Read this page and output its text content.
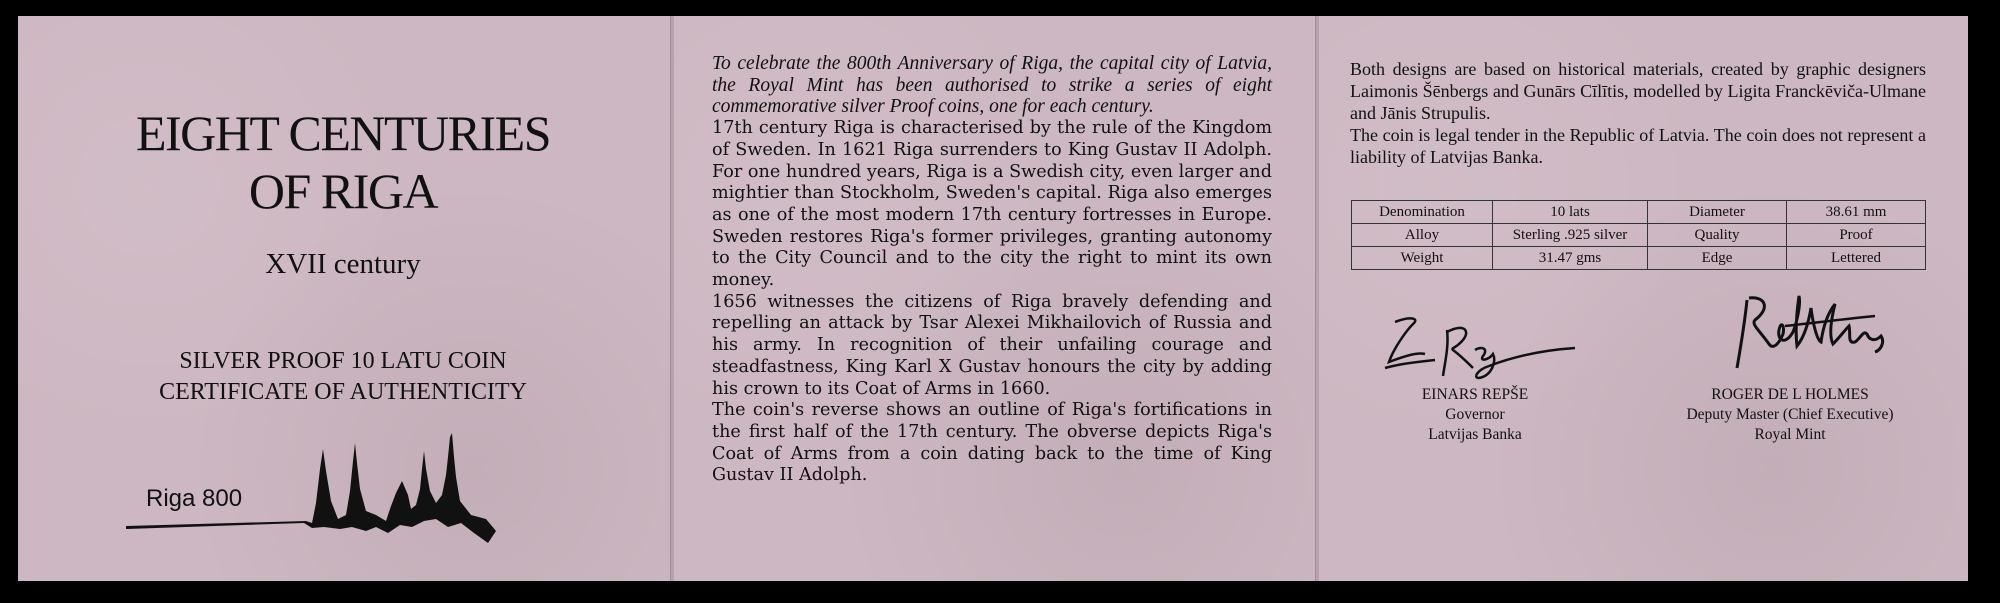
EIGHT CENTURIES
OF RIGA
XVII century
SILVER PROOF 10 LATU COIN
CERTIFICATE OF AUTHENTICITY
Riga 800

To celebrate the 800th Anniversary of Riga, the capital city of Latvia, the Royal Mint has been authorised to strike a series of eight commemorative silver Proof coins, one for each century.

17th century Riga is characterised by the rule of the Kingdom of Sweden. In 1621 Riga surrenders to King Gustav II Adolph. For one hundred years, Riga is a Swedish city, even larger and mightier than Stockholm, Sweden's capital. Riga also emerges as one of the most modern 17th century fortresses in Europe. Sweden restores Riga's former privileges, granting autonomy to the City Council and to the city the right to mint its own money.

1656 witnesses the citizens of Riga bravely defending and repelling an attack by Tsar Alexei Mikhailovich of Russia and his army. In recognition of their unfailing courage and steadfastness, King Karl X Gustav honours the city by adding his crown to its Coat of Arms in 1660.

The coin's reverse shows an outline of Riga's fortifications in the first half of the 17th century. The obverse depicts Riga's Coat of Arms from a coin dating back to the time of King Gustav II Adolph.

Both designs are based on historical materials, created by graphic designers Laimonis Šēnbergs and Gunārs Cīlītis, modelled by Ligita Franckēviča-Ulmane and Jānis Strupulis.

The coin is legal tender in the Republic of Latvia. The coin does not represent a liability of Latvijas Banka.

Denomination	10 lats	Diameter	38.61 mm
Alloy	Sterling .925 silver	Quality	Proof
Weight	31.47 gms	Edge	Lettered
EINARS REPŠE
Governor
Latvijas Banka
ROGER DE L HOLMES
Deputy Master (Chief Executive)
Royal Mint
